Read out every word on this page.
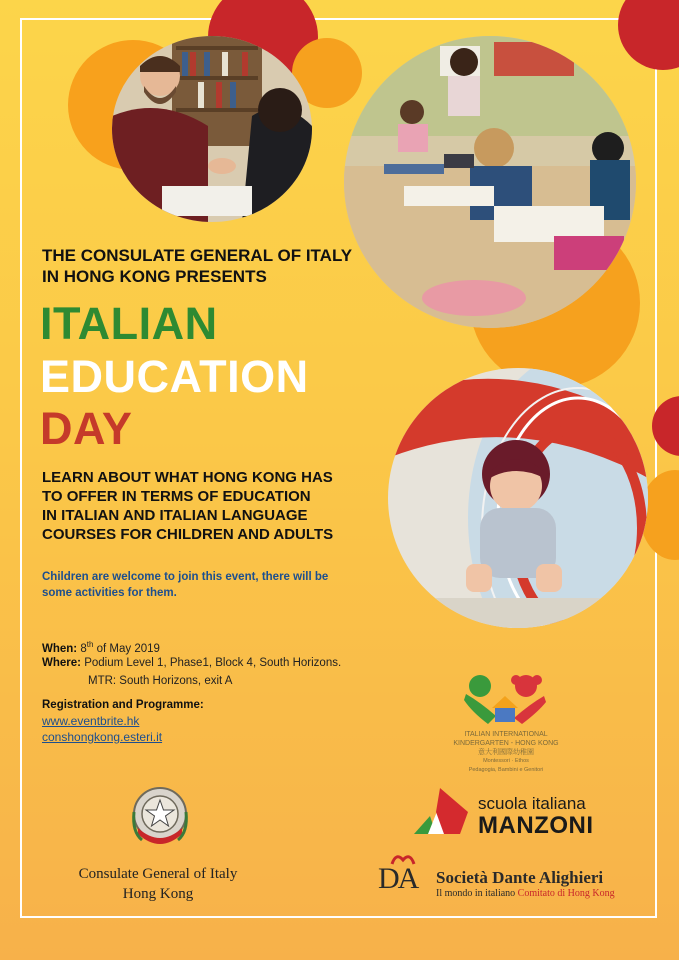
THE CONSULATE GENERAL OF ITALY
IN HONG KONG PRESENTS

ITALIAN

EDUCATION

DAY

LEARN ABOUT WHAT HONG KONG HAS
TO OFFER IN TERMS OF EDUCATION
IN ITALIAN AND ITALIAN LANGUAGE
COURSES FOR CHILDREN AND ADULTS

Children are welcome to join this event, there will be
some activities for them.

When: 8th of May 2019
Where: Podium Level 1, Phase1, Block 4, South Horizons.
MTR: South Horizons, exit A
Registration and Programme:
www.eventbrite.hk
conshongkong.esteri.it
Consulate General of Italy
Hong Kong
ITALIAN INTERNATIONAL
KINDERGARTEN - HONG KONG
意大利國際幼稚園
Montessori · Ethos
Pedagogia, Bambini e Genitori
scuola italiana
MANZONI
DA Società Dante Alighieri
Il mondo in italiano Comitato di Hong Kong
